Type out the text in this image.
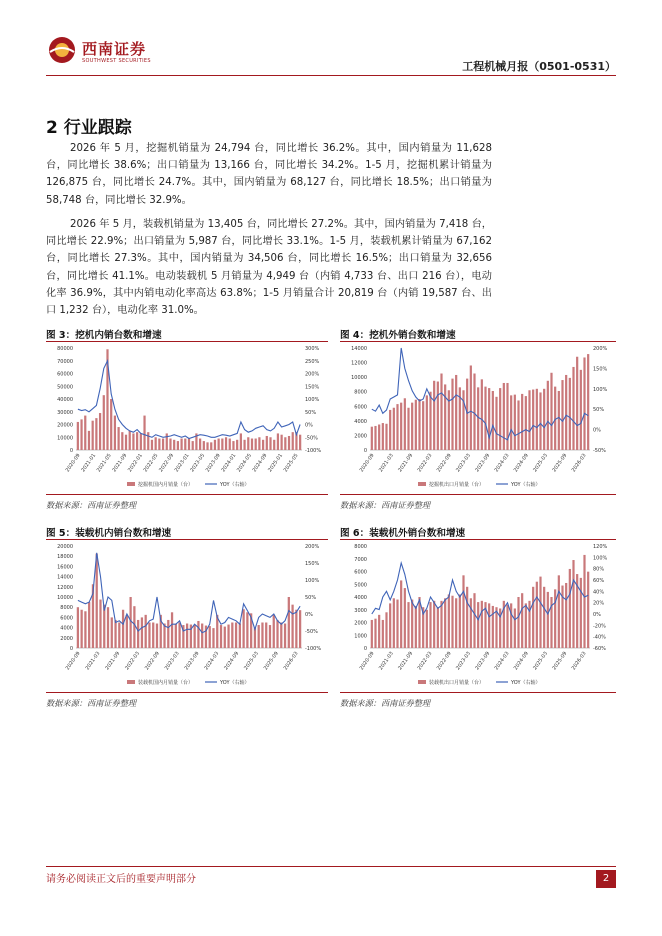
西南证券
SOUTHWEST SECURITIES	工程机械月报（0501-0531）
2 行业跟踪

2026 年 5 月，挖掘机销量为 24,794 台，同比增长 36.2%。其中，国内销量为 11,628 台，同比增长 38.6%；出口销量为 13,166 台，同比增长 34.2%。1-5 月，挖掘机累计销量为 126,875 台，同比增长 24.7%。其中，国内销量为 68,127 台，同比增长 18.5%；出口销量为 58,748 台，同比增长 32.9%。

2026 年 5 月，装载机销量为 13,405 台，同比增长 27.2%。其中，国内销量为 7,418 台，同比增长 22.9%；出口销量为 5,987 台，同比增长 33.1%。1-5 月，装载机累计销量为 67,162 台，同比增长 27.3%。其中，国内销量为 34,506 台，同比增长 16.5%；出口销量为 32,656 台，同比增长 41.1%。电动装载机 5 月销量为 4,949 台（内销 4,733 台、出口 216 台），电动化率 36.9%，其中内销电动化率高达 63.8%；1-5 月销量合计 20,819 台（内销 19,587 台、出口 1,232 台），电动化率 31.0%。

图 3：挖机内销台数和增速	图 4：挖机外销台数和增速
0
10000
20000
30000
40000
50000
60000
70000
80000
-100%
-50%
0%
50%
100%
150%
200%
250%
300%
2020-09
2021-01
2021-05
2021-09
2022-01
2022-05
2022-09
2023-01
2023-05
2023-09
2024-01
2024-05
2024-09
2025-01
2025-05
挖掘机国内月销量（台）	YOY（右轴）
0
2000
4000
6000
8000
10000
12000
14000
-50%
0%
50%
100%
150%
200%
2020-09 2021-03 2021-09 2022-03 2022-09 2023-03 2023-09 2024-03 2024-09 2025-03 2025-09 2026-03
挖掘机出口月销量（台）	YOY（右轴）
数据来源：西南证券整理	数据来源：西南证券整理
图 5：装载机内销台数和增速	图 6：装载机外销台数和增速
0
2000
4000
6000
8000
10000
12000
14000
16000
18000
20000
-100%
-50%
0%
50%
100%
150%
200%
2020-09 2021-03 2021-09 2022-03 2022-09 2023-03 2023-09 2024-03 2024-09 2025-03 2025-09 2026-03
装载机国内月销量（台）	YOY（右轴）
0
1000
2000
3000
4000
5000
6000
7000
8000
-60%
-40%
-20%
0%
20%
40%
60%
80%
100%
120%
2020-09 2021-03 2021-09 2022-03 2022-09 2023-03 2023-09 2024-03 2024-09 2025-03 2025-09 2026-03
装载机出口月销量（台）	YOY（右轴）
数据来源：西南证券整理	数据来源：西南证券整理
请务必阅读正文后的重要声明部分	2
